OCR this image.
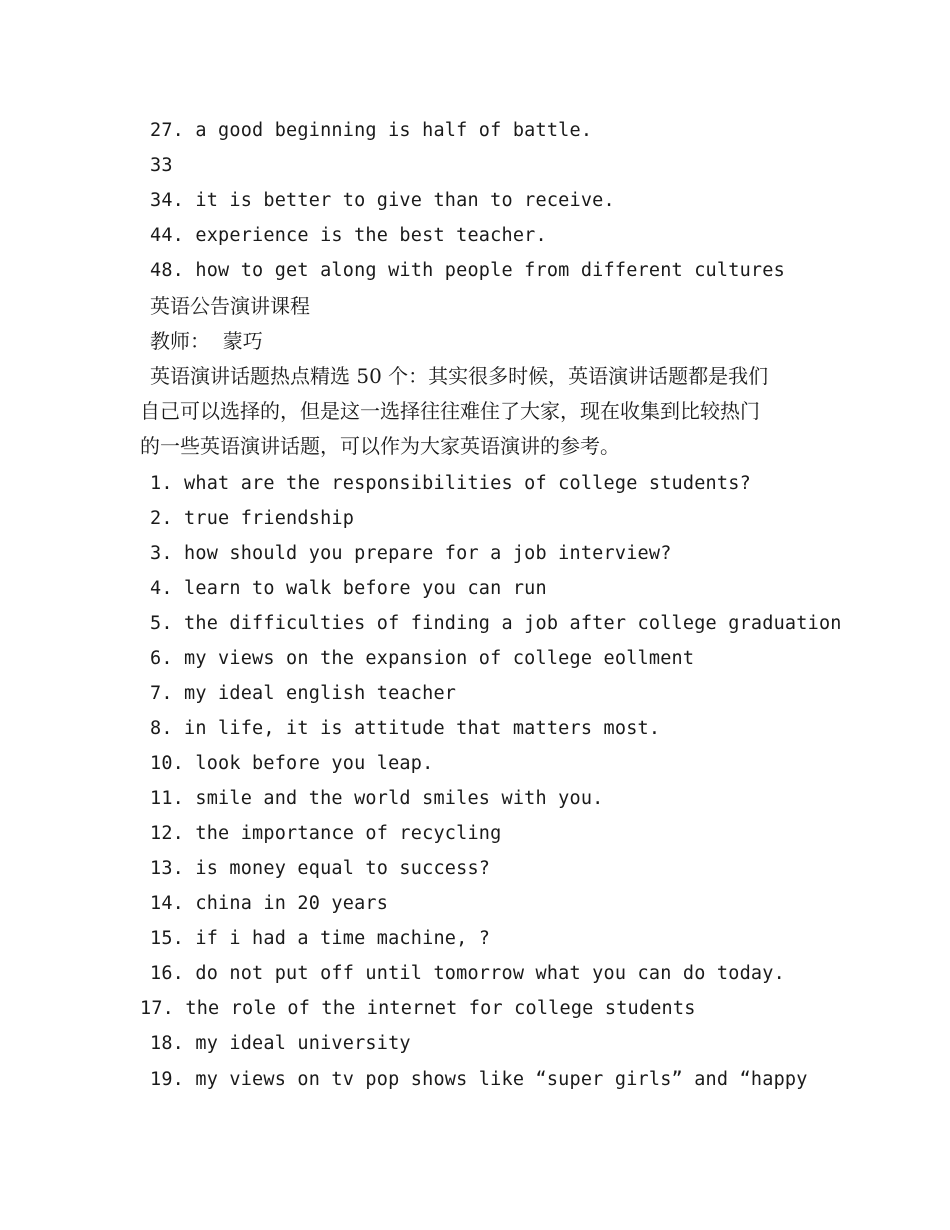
27. a good beginning is half of battle.
33
34. it is better to give than to receive.
44. experience is the best teacher.
48. how to get along with people from different cultures
英语公告演讲课程
教师：  蒙巧
英语演讲话题热点精选 50 个：其实很多时候，英语演讲话题都是我们
自己可以选择的，但是这一选择往往难住了大家，现在收集到比较热门
的一些英语演讲话题，可以作为大家英语演讲的参考。
1. what are the responsibilities of college students?
2. true friendship
3. how should you prepare for a job interview?
4. learn to walk before you can run
5. the difficulties of finding a job after college graduation
6. my views on the expansion of college eollment
7. my ideal english teacher
8. in life, it is attitude that matters most.
10. look before you leap.
11. smile and the world smiles with you.
12. the importance of recycling
13. is money equal to success?
14. china in 20 years
15. if i had a time machine, ?
16. do not put off until tomorrow what you can do today.
17. the role of the internet for college students
18. my ideal university
19. my views on tv pop shows like “super girls” and “happy
